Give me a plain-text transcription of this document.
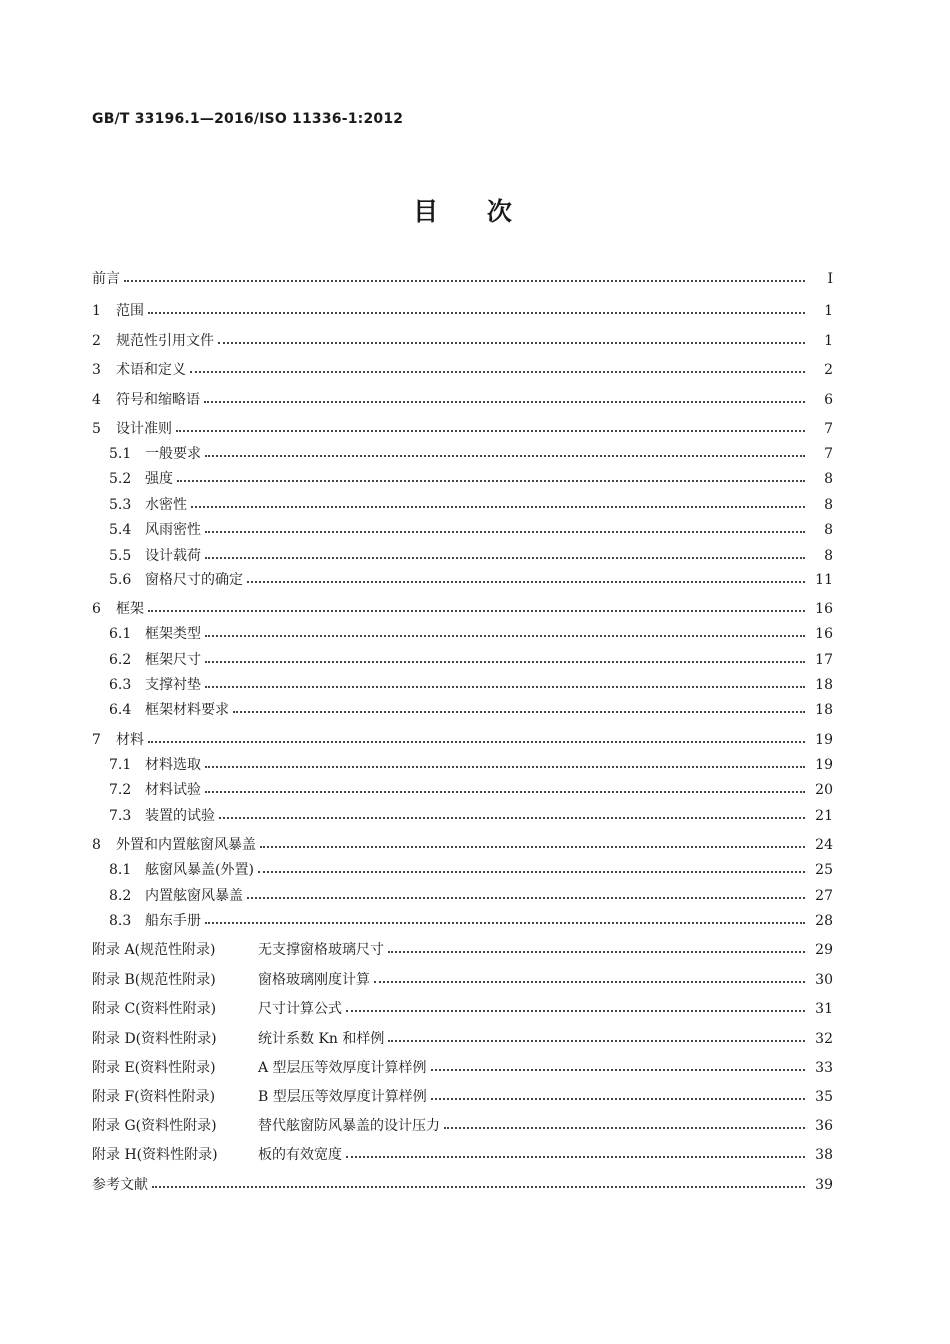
GB/T 33196.1—2016/ISO 11336-1:2012
目 次
前言	I
1	范围	1
2	规范性引用文件	1
3	术语和定义	2
4	符号和缩略语	6
5	设计准则	7
5.1 一般要求	7
5.2 强度	8
5.3 水密性	8
5.4 风雨密性	8
5.5 设计载荷	8
5.6 窗格尺寸的确定	11
6	框架	16
6.1 框架类型	16
6.2 框架尺寸	17
6.3 支撑衬垫	18
6.4 框架材料要求	18
7	材料	19
7.1 材料选取	19
7.2 材料试验	20
7.3 装置的试验	21
8	外置和内置舷窗风暴盖	24
8.1 舷窗风暴盖(外置)	25
8.2 内置舷窗风暴盖	27
8.3 船东手册	28
附录 A(规范性附录)	无支撑窗格玻璃尺寸	29
附录 B(规范性附录)	窗格玻璃刚度计算	30
附录 C(资料性附录)	尺寸计算公式	31
附录 D(资料性附录)	统计系数 Kn 和样例	32
附录 E(资料性附录)	A 型层压等效厚度计算样例	33
附录 F(资料性附录)	B 型层压等效厚度计算样例	35
附录 G(资料性附录)	替代舷窗防风暴盖的设计压力	36
附录 H(资料性附录)	板的有效宽度	38
参考文献	39
